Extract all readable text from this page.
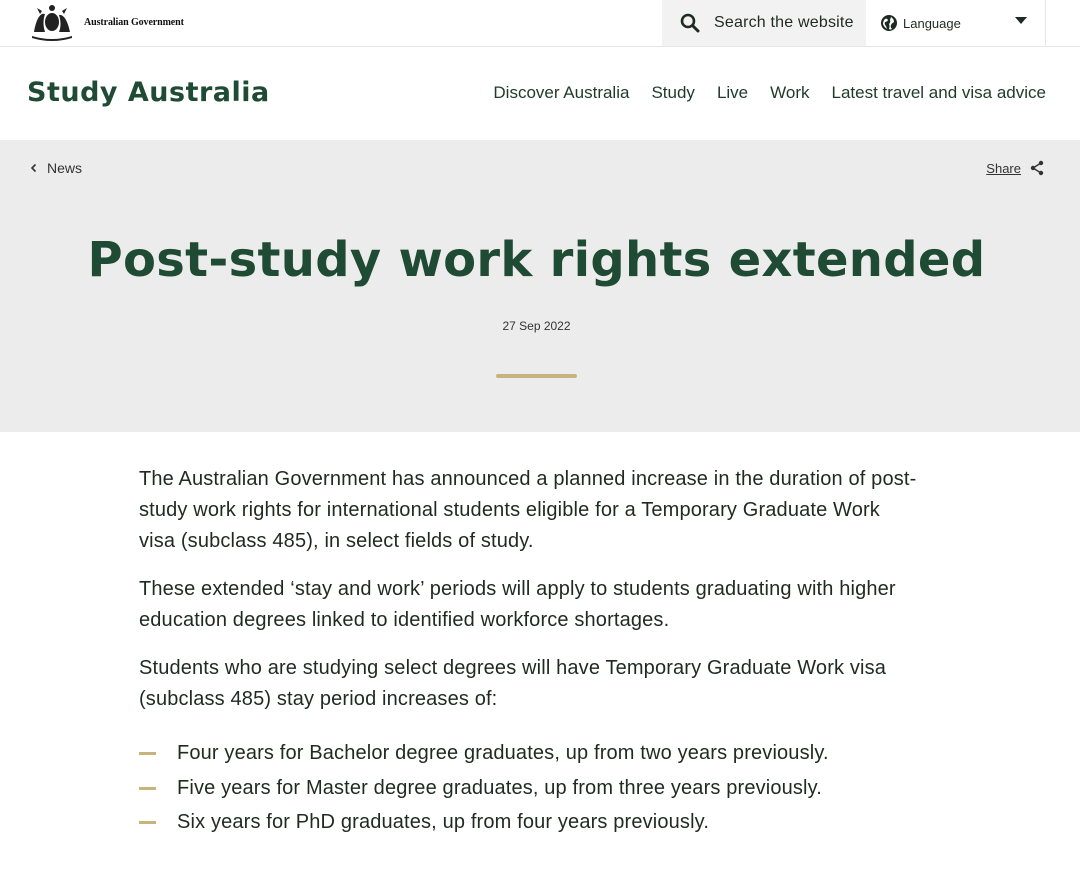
Australian Government	Search the website	Language
Study Australia	Discover Australia Study Live Work Latest travel and visa advice
News	Share
Post-study work rights extended
27 Sep 2022

The Australian Government has announced a planned increase in the duration of post-study work rights for international students eligible for a Temporary Graduate Work visa (subclass 485), in select fields of study.

These extended ‘stay and work’ periods will apply to students graduating with higher education degrees linked to identified workforce shortages.

Students who are studying select degrees will have Temporary Graduate Work visa (subclass 485) stay period increases of:

Four years for Bachelor degree graduates, up from two years previously.
Five years for Master degree graduates, up from three years previously.
Six years for PhD graduates, up from four years previously.
